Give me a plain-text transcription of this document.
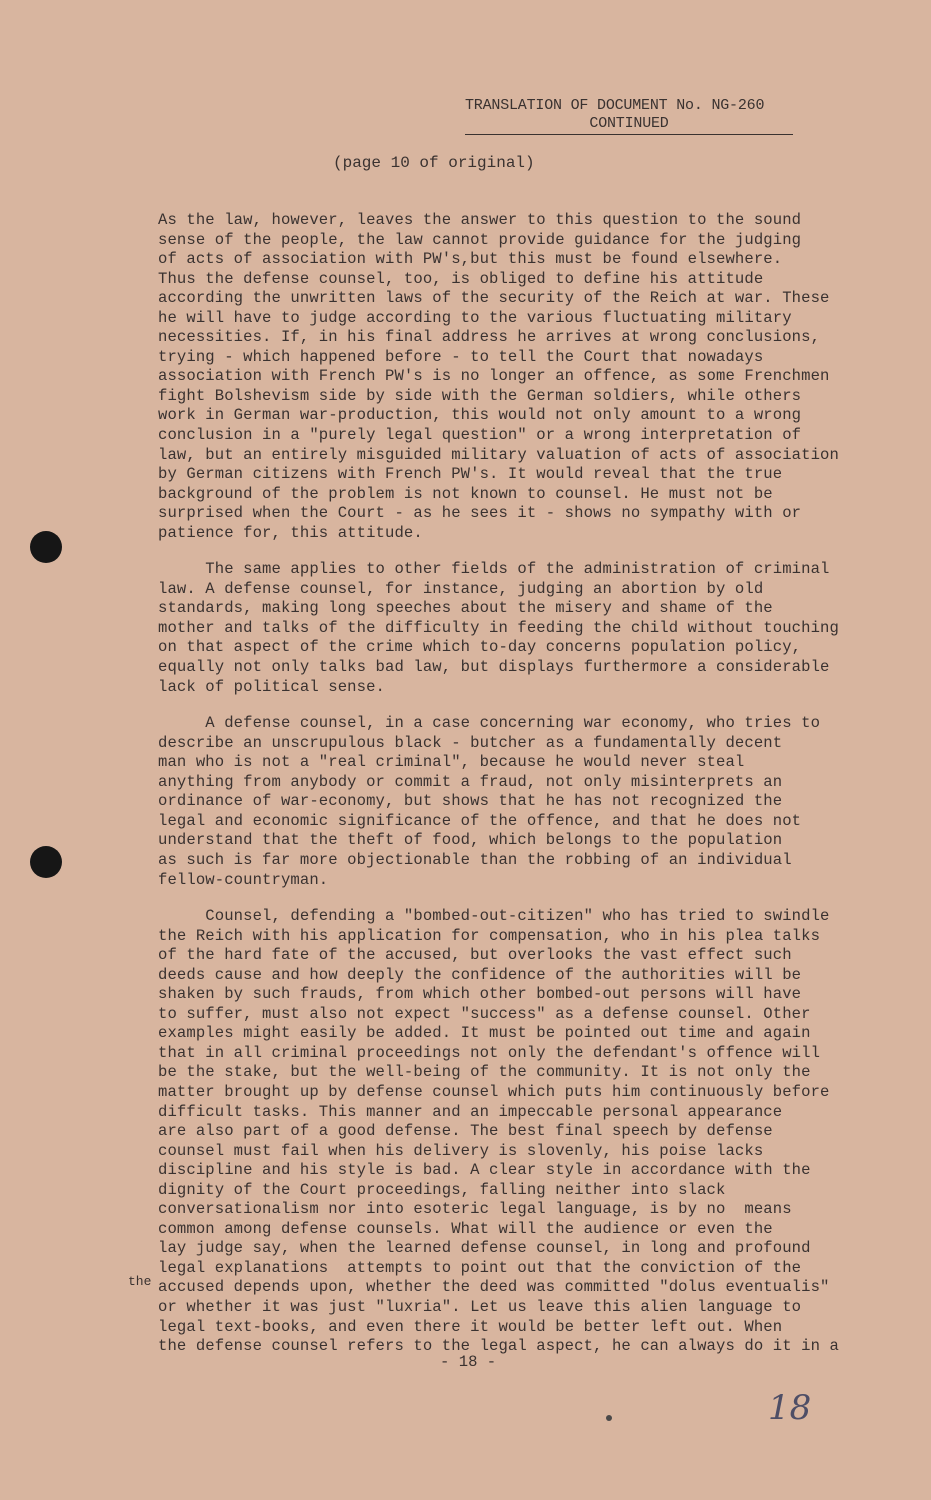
TRANSLATION OF DOCUMENT No. NG-260
CONTINUED
(page 10 of original)
As the law, however, leaves the answer to this question to the sound
sense of the people, the law cannot provide guidance for the judging
of acts of association with PW's,but this must be found elsewhere.
Thus the defense counsel, too, is obliged to define his attitude
according the unwritten laws of the security of the Reich at war. These
he will have to judge according to the various fluctuating military
necessities. If, in his final address he arrives at wrong conclusions,
trying - which happened before - to tell the Court that nowadays
association with French PW's is no longer an offence, as some Frenchmen
fight Bolshevism side by side with the German soldiers, while others
work in German war-production, this would not only amount to a wrong
conclusion in a "purely legal question" or a wrong interpretation of
law, but an entirely misguided military valuation of acts of association
by German citizens with French PW's. It would reveal that the true
background of the problem is not known to counsel. He must not be
surprised when the Court - as he sees it - shows no sympathy with or
patience for, this attitude.
The same applies to other fields of the administration of criminal
law. A defense counsel, for instance, judging an abortion by old
standards, making long speeches about the misery and shame of the
mother and talks of the difficulty in feeding the child without touching
on that aspect of the crime which to-day concerns population policy,
equally not only talks bad law, but displays furthermore a considerable
lack of political sense.
A defense counsel, in a case concerning war economy, who tries to
describe an unscrupulous black - butcher as a fundamentally decent
man who is not a "real criminal", because he would never steal
anything from anybody or commit a fraud, not only misinterprets an
ordinance of war-economy, but shows that he has not recognized the
legal and economic significance of the offence, and that he does not
understand that the theft of food, which belongs to the population
as such is far more objectionable than the robbing of an individual
fellow-countryman.
Counsel, defending a "bombed-out-citizen" who has tried to swindle
the Reich with his application for compensation, who in his plea talks
of the hard fate of the accused, but overlooks the vast effect such
deeds cause and how deeply the confidence of the authorities will be
shaken by such frauds, from which other bombed-out persons will have
to suffer, must also not expect "success" as a defense counsel. Other
examples might easily be added. It must be pointed out time and again
that in all criminal proceedings not only the defendant's offence will
be the stake, but the well-being of the community. It is not only the
matter brought up by defense counsel which puts him continuously before
difficult tasks. This manner and an impeccable personal appearance
are also part of a good defense. The best final speech by defense
counsel must fail when his delivery is slovenly, his poise lacks
discipline and his style is bad. A clear style in accordance with the
dignity of the Court proceedings, falling neither into slack
conversationalism nor into esoteric legal language, is by no  means
common among defense counsels. What will the audience or even the
lay judge say, when the learned defense counsel, in long and profound
legal explanations  attempts to point out that the conviction of the
accused depends upon, whether the deed was committed "dolus eventualis"
or whether it was just "luxria". Let us leave this alien language to
legal text-books, and even there it would be better left out. When
the defense counsel refers to the legal aspect, he can always do it in a
the
- 18 -
18
